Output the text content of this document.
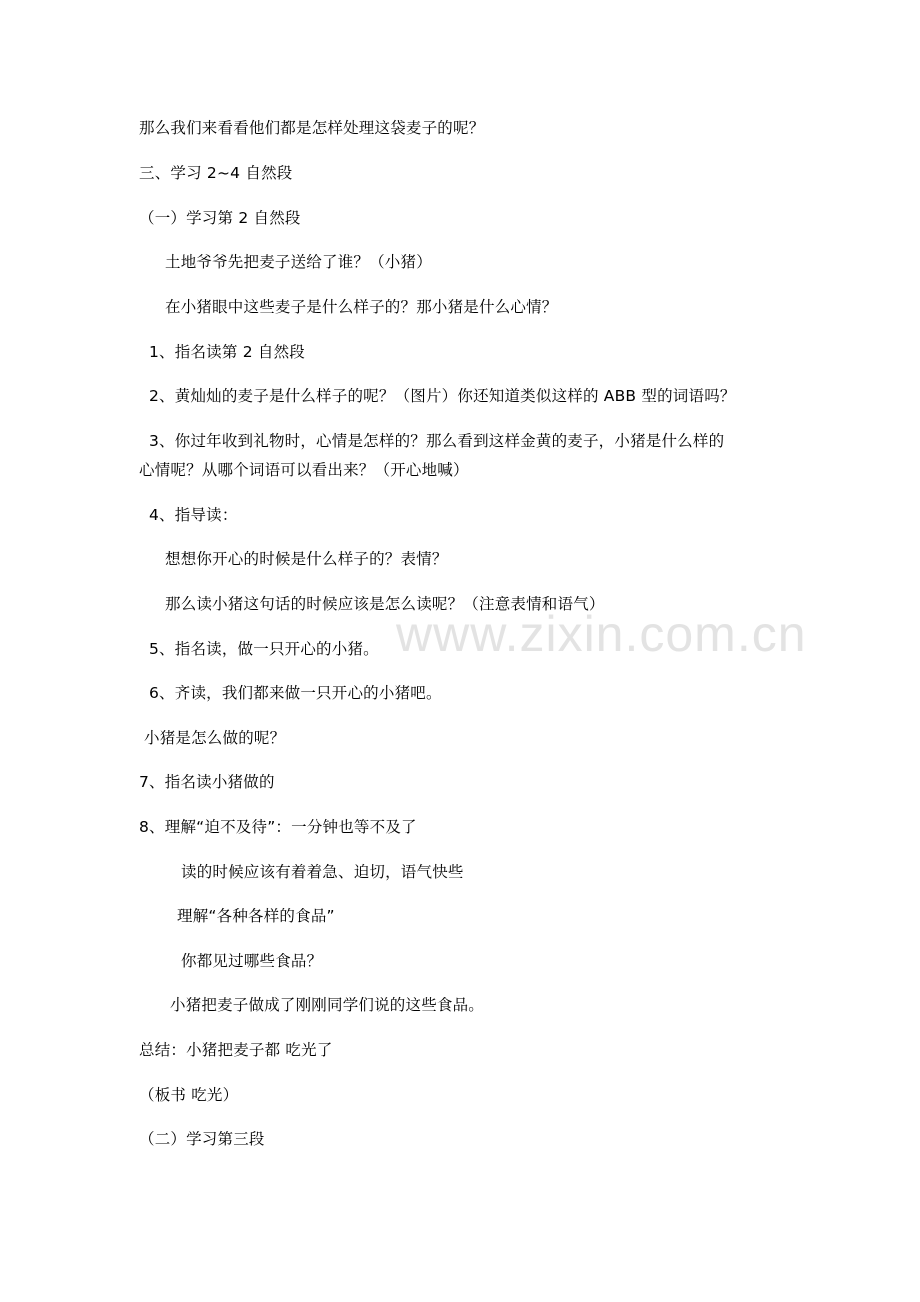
那么我们来看看他们都是怎样处理这袋麦子的呢？
三、学习 2~4 自然段
（一）学习第 2 自然段
土地爷爷先把麦子送给了谁？（小猪）
在小猪眼中这些麦子是什么样子的？那小猪是什么心情？
1、指名读第 2 自然段
2、黄灿灿的麦子是什么样子的呢？（图片）你还知道类似这样的 ABB 型的词语吗？
3、你过年收到礼物时，心情是怎样的？那么看到这样金黄的麦子，小猪是什么样的
心情呢？从哪个词语可以看出来？（开心地喊）
4、指导读：
想想你开心的时候是什么样子的？表情？
那么读小猪这句话的时候应该是怎么读呢？（注意表情和语气）
5、指名读，做一只开心的小猪。
6、齐读，我们都来做一只开心的小猪吧。
小猪是怎么做的呢？
7、指名读小猪做的
8、理解“迫不及待”：一分钟也等不及了
读的时候应该有着着急、迫切，语气快些
理解“各种各样的食品”
你都见过哪些食品？
小猪把麦子做成了刚刚同学们说的这些食品。
总结：小猪把麦子都 吃光了
（板书 吃光）
（二）学习第三段
www.zixin.com.cn
